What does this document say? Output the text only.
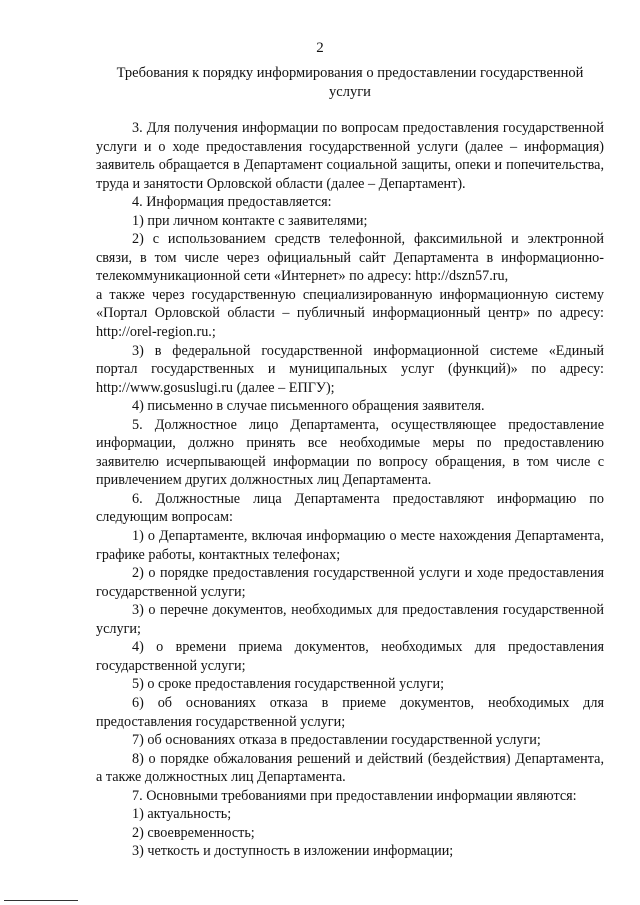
2
Требования к порядку информирования о предоставлении государственной услуги

3. Для получения информации по вопросам предоставления государственной услуги и о ходе предоставления государственной услуги (далее – информация) заявитель обращается в Департамент социальной защиты, опеки и попечительства, труда и занятости Орловской области (далее – Департамент).

4. Информация предоставляется:

1) при личном контакте с заявителями;

2) с использованием средств телефонной, факсимильной и электронной связи, в том числе через официальный сайт Департамента в информационно-телекоммуникационной сети «Интернет» по адресу: http://dszn57.ru,

а также через государственную специализированную информационную систему «Портал Орловской области – публичный информационный центр» по адресу: http://orel-region.ru.;

3) в федеральной государственной информационной системе «Единый портал государственных и муниципальных услуг (функций)» по адресу: http://www.gosuslugi.ru (далее – ЕПГУ);

4) письменно в случае письменного обращения заявителя.

5. Должностное лицо Департамента, осуществляющее предоставление информации, должно принять все необходимые меры по предоставлению заявителю исчерпывающей информации по вопросу обращения, в том числе с привлечением других должностных лиц Департамента.

6. Должностные лица Департамента предоставляют информацию по следующим вопросам:

1) о Департаменте, включая информацию о месте нахождения Департамента, графике работы, контактных телефонах;

2) о порядке предоставления государственной услуги и ходе предоставления государственной услуги;

3) о перечне документов, необходимых для предоставления государственной услуги;

4) о времени приема документов, необходимых для предоставления государственной услуги;

5) о сроке предоставления государственной услуги;

6) об основаниях отказа в приеме документов, необходимых для предоставления государственной услуги;

7) об основаниях отказа в предоставлении государственной услуги;

8) о порядке обжалования решений и действий (бездействия) Департамента, а также должностных лиц Департамента.

7. Основными требованиями при предоставлении информации являются:

1) актуальность;

2) своевременность;

3) четкость и доступность в изложении информации;
